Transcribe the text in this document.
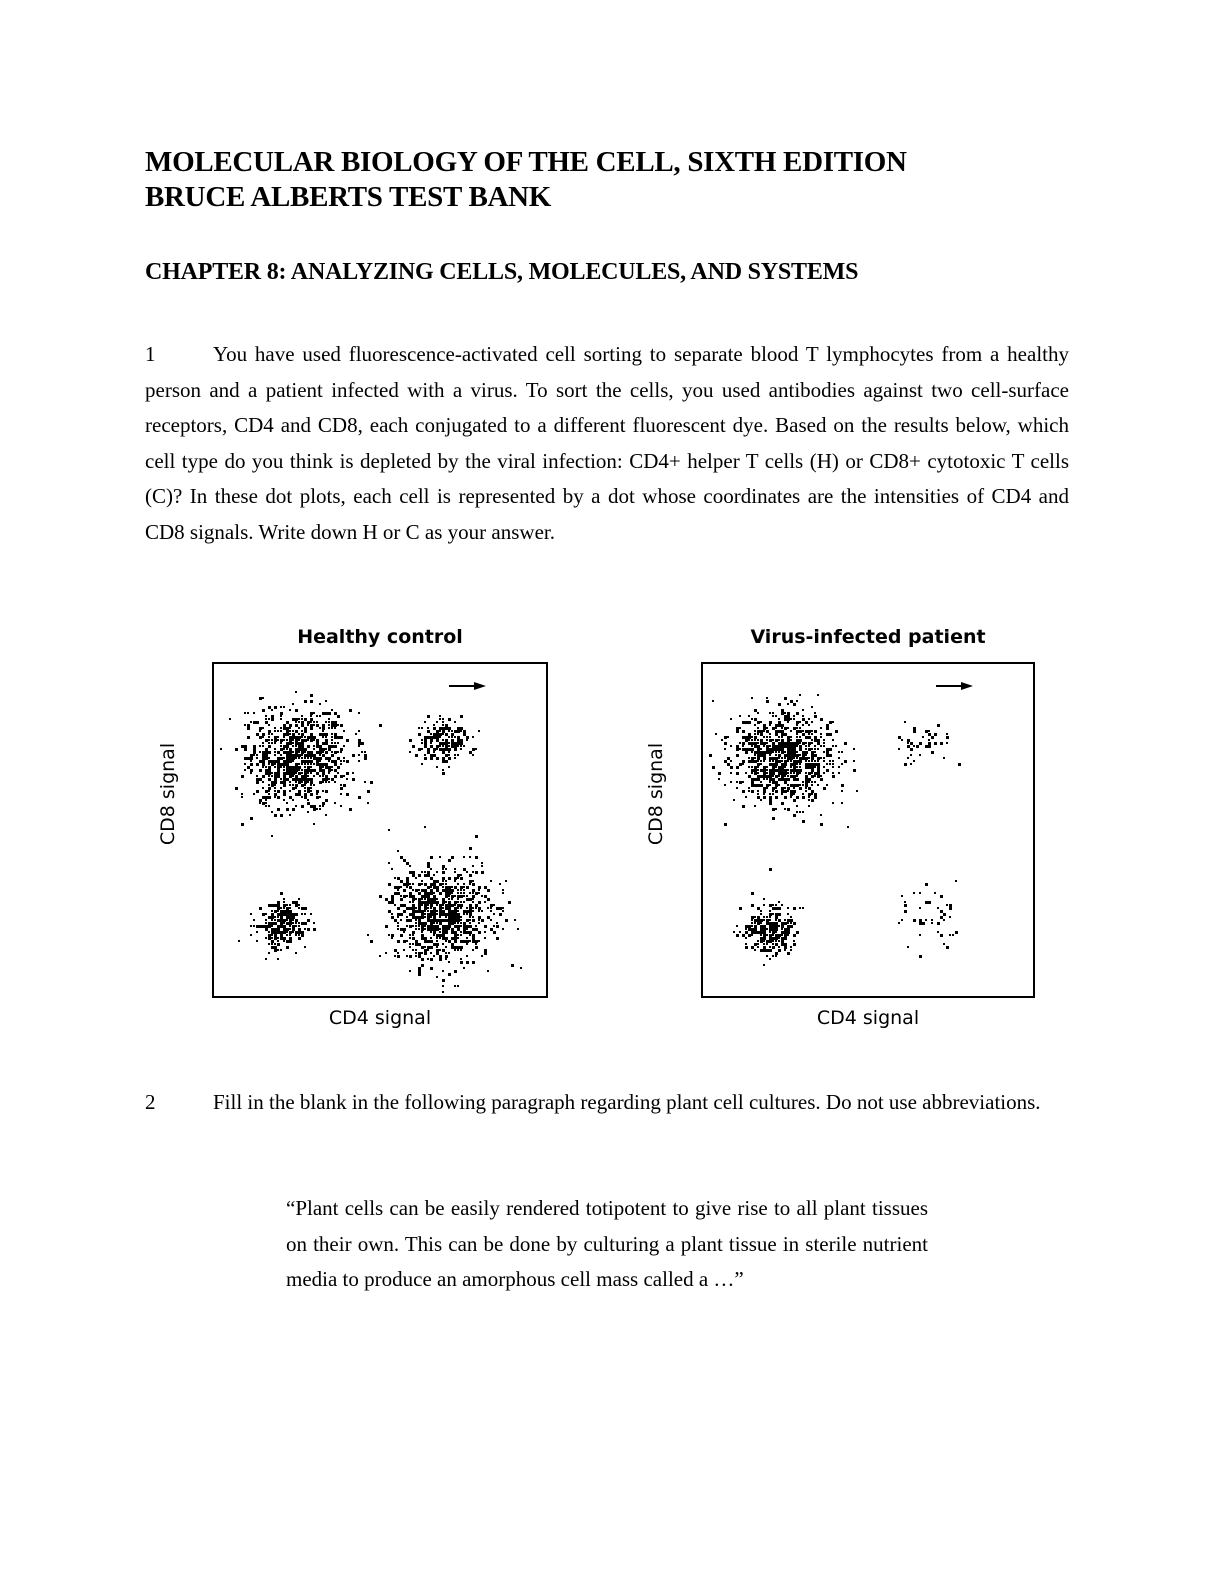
MOLECULAR BIOLOGY OF THE CELL, SIXTH EDITION
BRUCE ALBERTS TEST BANK
CHAPTER 8: ANALYZING CELLS, MOLECULES, AND SYSTEMS
1	You have used fluorescence-activated cell sorting to separate blood T lymphocytes from a healthy person and a patient infected with a virus. To sort the cells, you used antibodies against two cell-surface receptors, CD4 and CD8, each conjugated to a different fluorescent dye. Based on the results below, which cell type do you think is depleted by the viral infection: CD4+ helper T cells (H) or CD8+ cytotoxic T cells (C)? In these dot plots, each cell is represented by a dot whose coordinates are the intensities of CD4 and CD8 signals. Write down H or C as your answer.
Healthy control
CD4 signal
CD8 signal
Virus-infected patient
CD4 signal
CD8 signal
2	Fill in the blank in the following paragraph regarding plant cell cultures. Do not use abbreviations.
“Plant cells can be easily rendered totipotent to give rise to all plant tissues on their own. This can be done by culturing a plant tissue in sterile nutrient media to produce an amorphous cell mass called a …”
